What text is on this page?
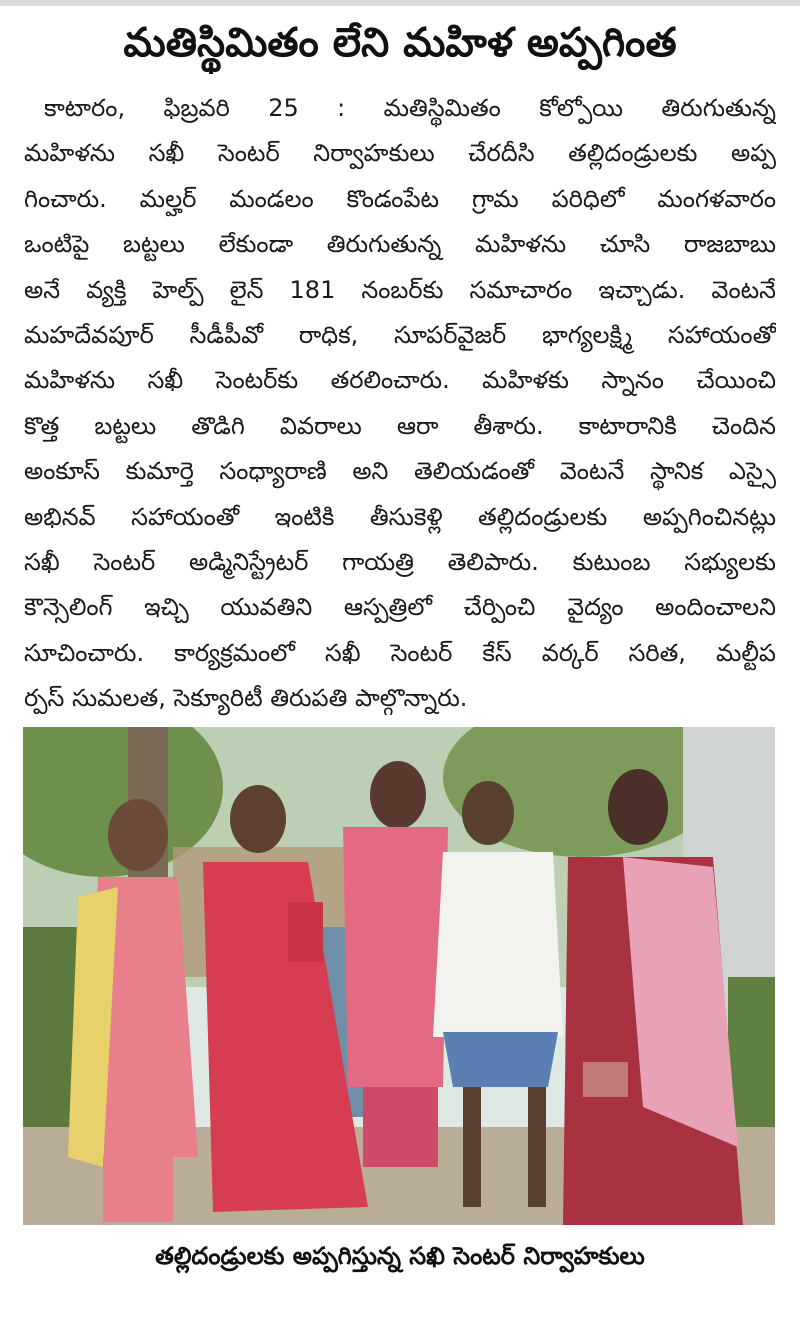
మతిస్థిమితం లేని మహిళ అప్పగింత
కాటారం, ఫిబ్రవరి 25 : మతిస్థిమితం కోల్పోయి తిరుగుతున్న
మహిళను సఖీ సెంటర్ నిర్వాహకులు చేరదీసి తల్లిదండ్రులకు అప్ప
గించారు. మల్హర్ మండలం కొండంపేట గ్రామ పరిధిలో మంగళవారం
ఒంటిపై బట్టలు లేకుండా తిరుగుతున్న మహిళను చూసి రాజబాబు
అనే వ్యక్తి హెల్ప్ లైన్ 181 నంబర్‌కు సమాచారం ఇచ్చాడు. వెంటనే
మహదేవపూర్ సీడీపీవో రాధిక, సూపర్‌వైజర్ భాగ్యలక్ష్మి సహాయంతో
మహిళను సఖీ సెంటర్‌కు తరలించారు. మహిళకు స్నానం చేయించి
కొత్త బట్టలు తొడిగి వివరాలు ఆరా తీశారు. కాటారానికి చెందిన
అంకూస్ కుమార్తె సంధ్యారాణి అని తెలియడంతో వెంటనే స్థానిక ఎస్సై
అభినవ్ సహాయంతో ఇంటికి తీసుకెళ్లి తల్లిదండ్రులకు అప్పగించినట్లు
సఖీ సెంటర్ అడ్మినిస్ట్రేటర్ గాయత్రి తెలిపారు. కుటుంబ సభ్యులకు
కౌన్సెలింగ్ ఇచ్చి యువతిని ఆస్పత్రిలో చేర్పించి వైద్యం అందించాలని
సూచించారు. కార్యక్రమంలో సఖీ సెంటర్ కేస్ వర్కర్ సరిత, మల్టీప
ర్పస్ సుమలత, సెక్యూరిటీ తిరుపతి పాల్గొన్నారు.
తల్లిదండ్రులకు అప్పగిస్తున్న సఖి సెంటర్ నిర్వాహకులు
